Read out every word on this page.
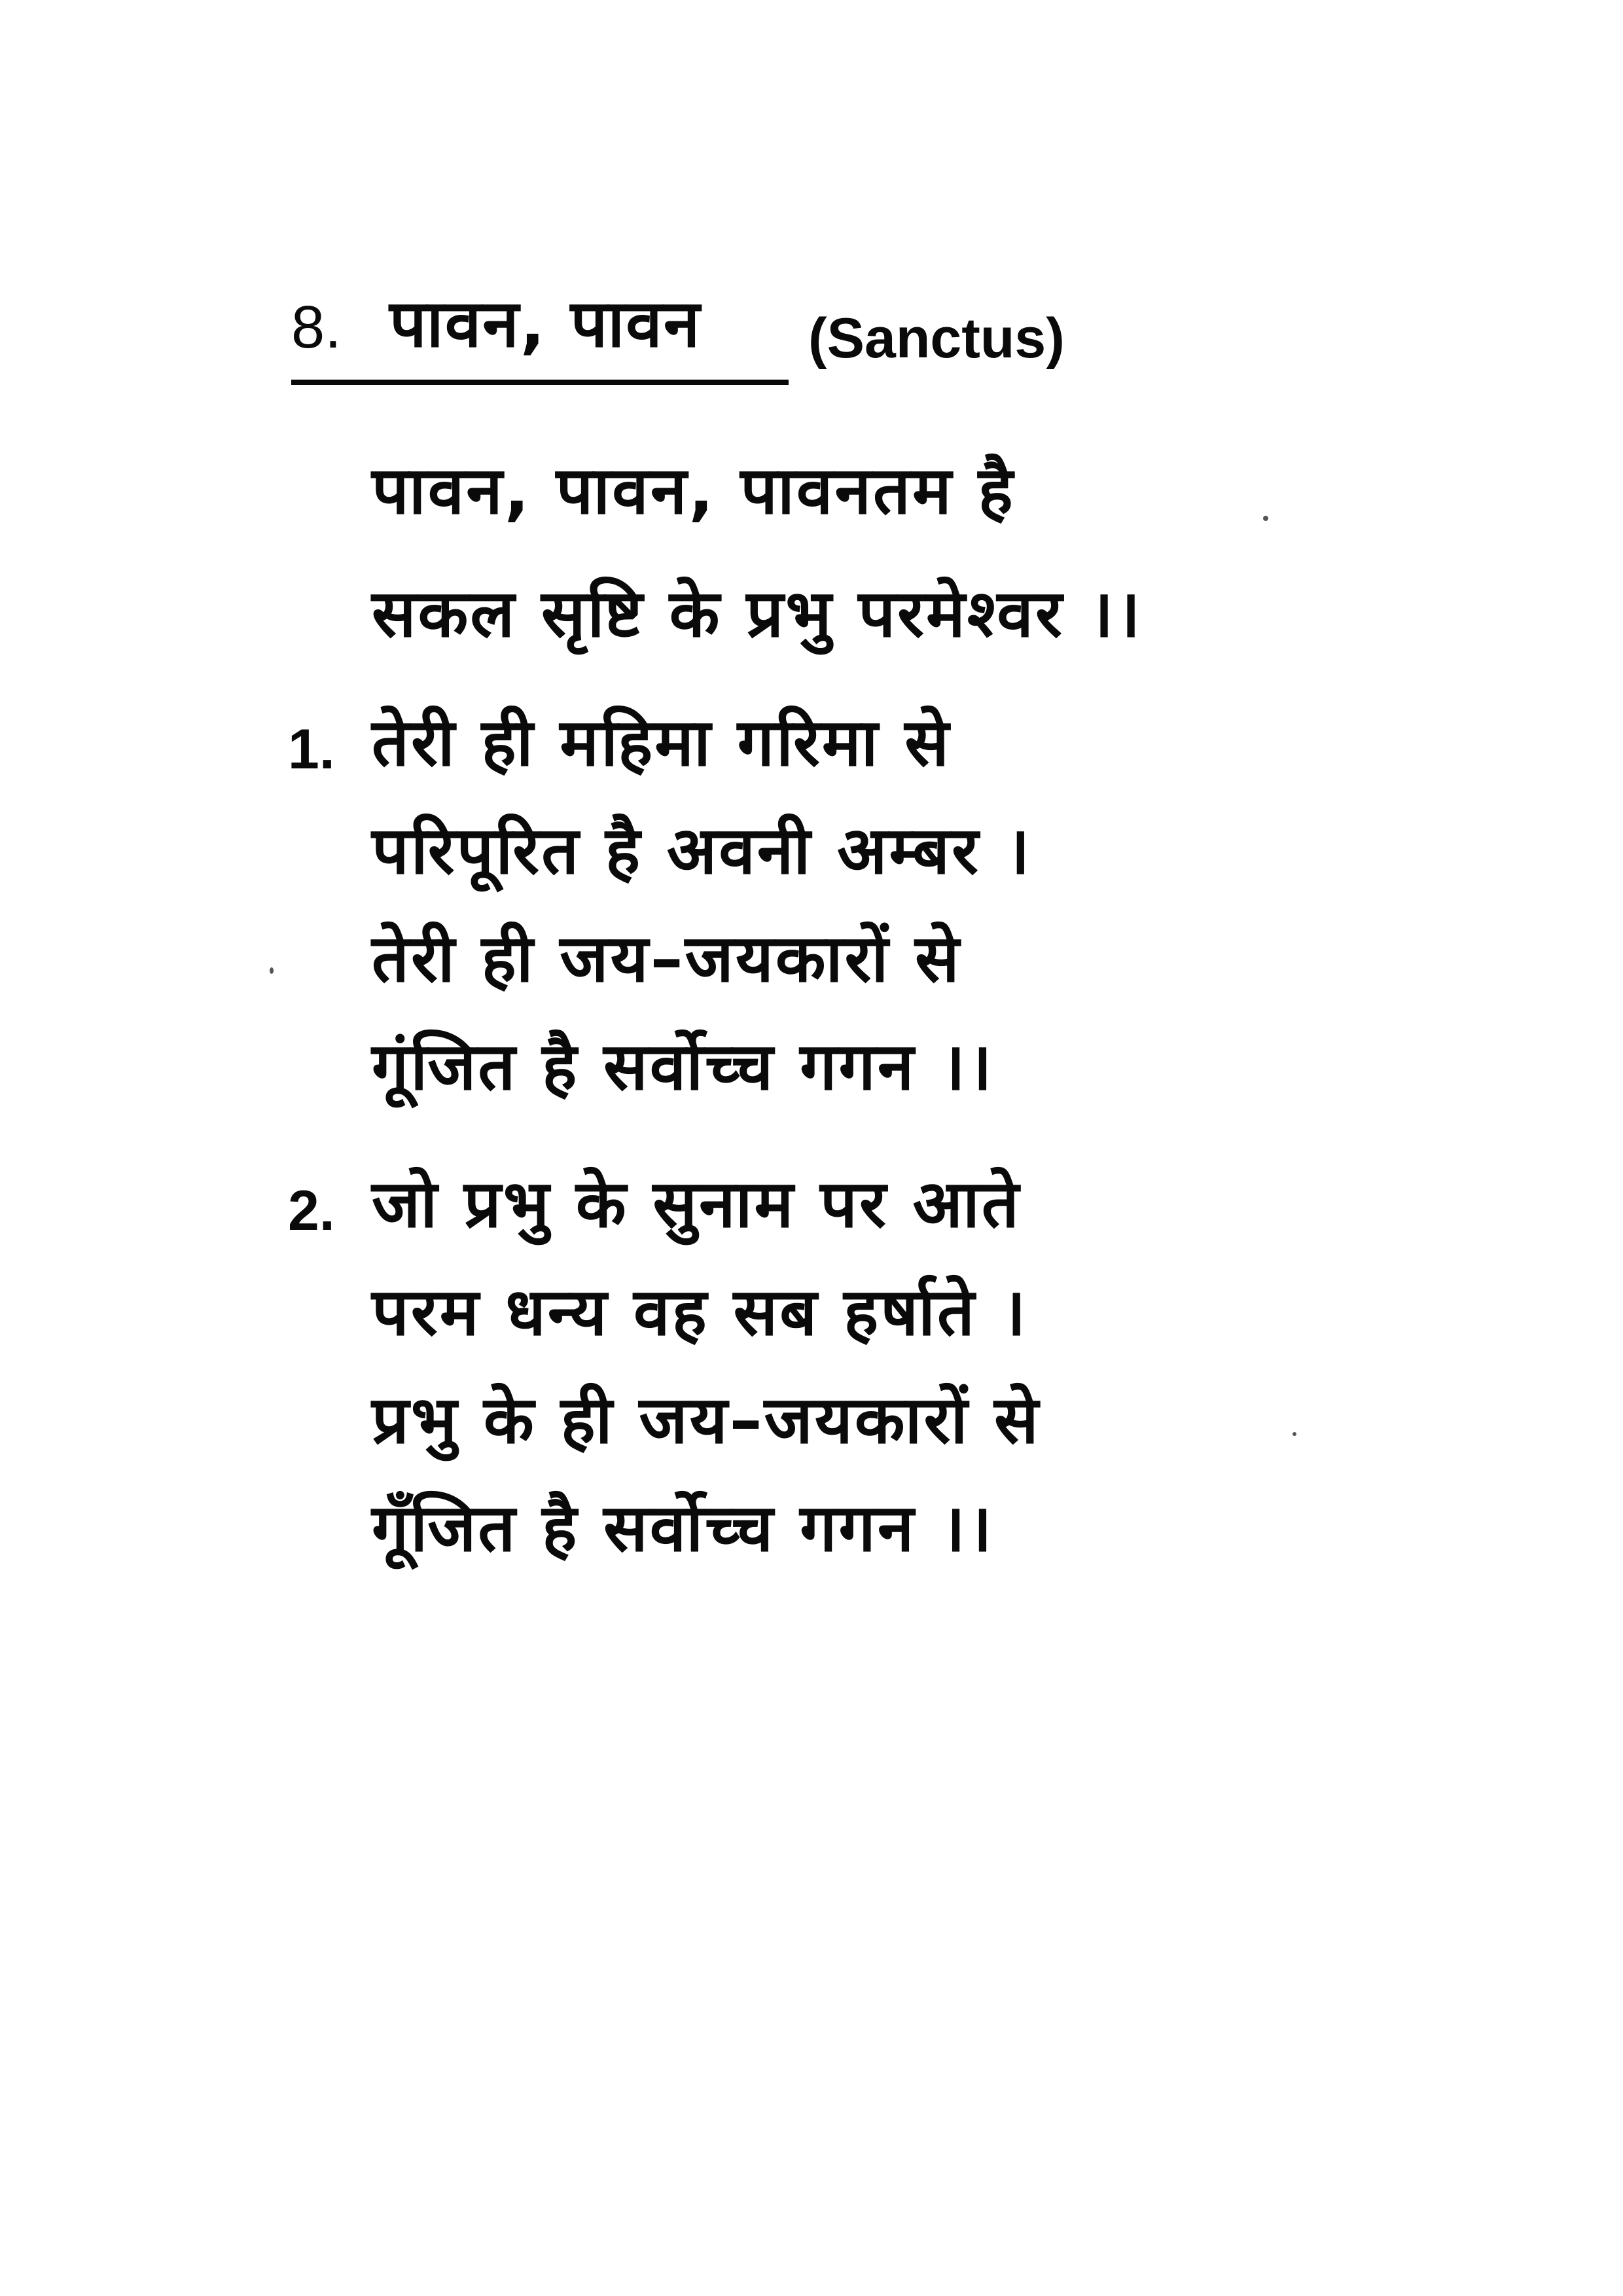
8. पावन, पावन (Sanctus)
पावन, पावन, पावनतम है
सकल सृष्टि के प्रभु परमेश्वर ।।
1. तेरी ही महिमा गरिमा से
परिपूरित है अवनी अम्बर ।
तेरी ही जय–जयकारों से
गूंजित है सर्वोच्च गगन ।।
2. जो प्रभु के सुनाम पर आते
परम धन्य वह सब हर्षाते ।
प्रभु के ही जय–जयकारों से
गूँजित है सर्वोच्च गगन ।।
